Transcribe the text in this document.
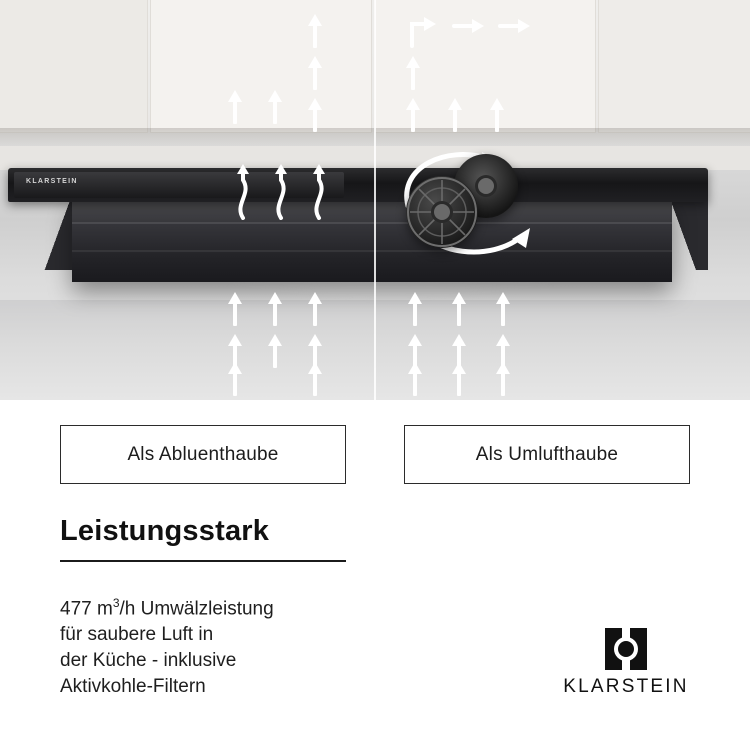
KLARSTEIN
Als Abluenthaube	Als Umlufthaube
Leistungsstark
477 $m^3/h$ Umwälzleistung
für saubere Luft in
der Küche - inklusive
Aktivkohle-Filtern	KLARSTEIN
